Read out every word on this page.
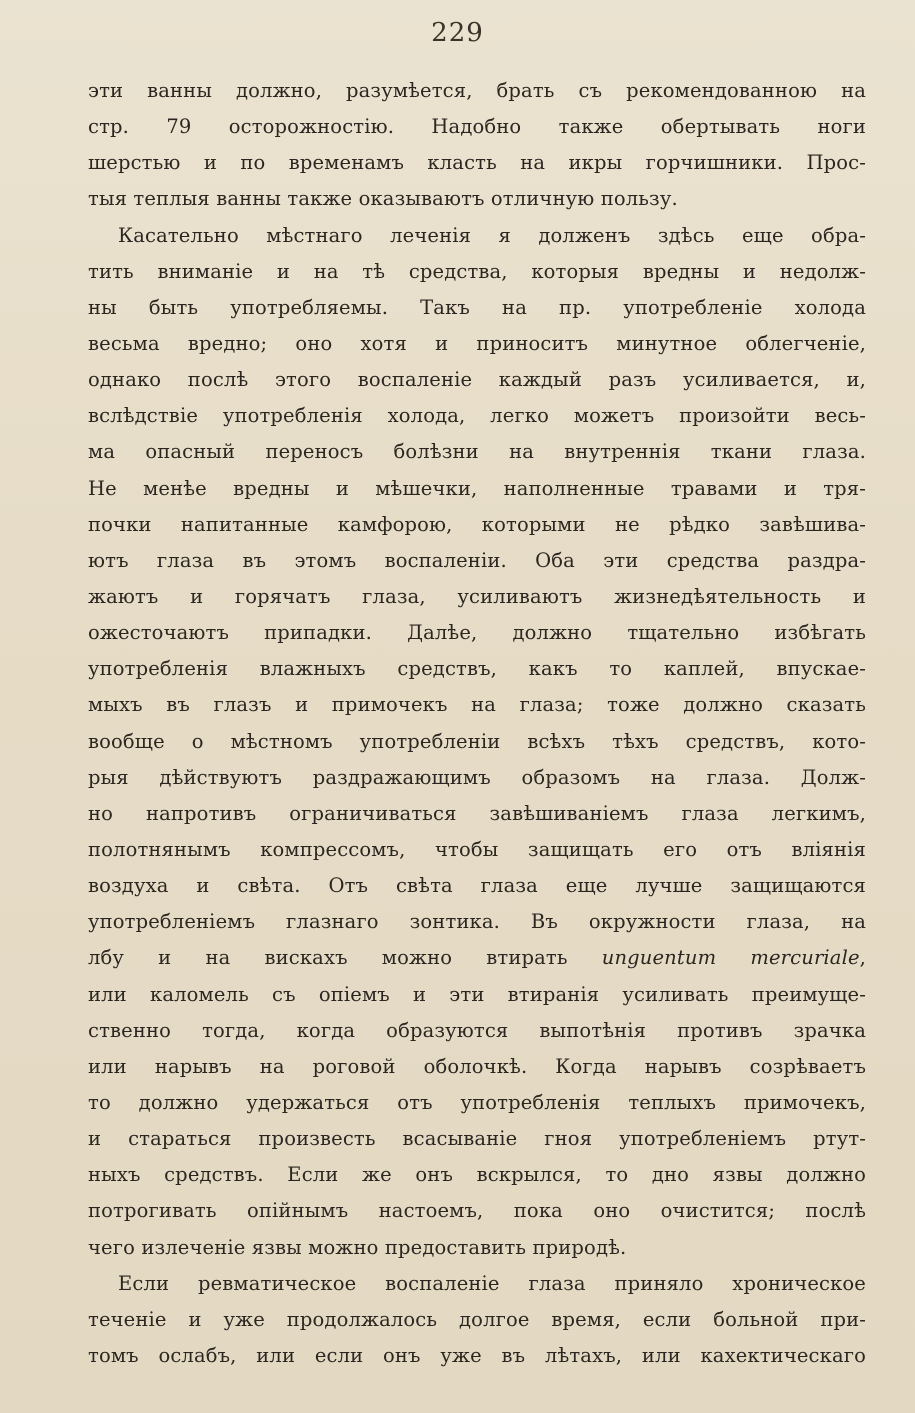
229
эти ванны должно, разумѣется, брать съ рекомендованною на
стр. 79 осторожностію. Надобно также обертывать ноги
шерстью и по временамъ класть на икры горчишники. Прос-
тыя теплыя ванны также оказываютъ отличную пользу.
Касательно мѣстнаго леченія я долженъ здѣсь еще обра-
тить вниманіе и на тѣ средства, которыя вредны и недолж-
ны быть употребляемы. Такъ на пр. употребленіе холода
весьма вредно; оно хотя и приноситъ минутное облегченіе,
однако послѣ этого воспаленіе каждый разъ усиливается, и,
вслѣдствіе употребленія холода, легко можетъ произойти весь-
ма опасный переносъ болѣзни на внутреннія ткани глаза.
Не менѣе вредны и мѣшечки, наполненные травами и тря-
почки напитанные камфорою, которыми не рѣдко завѣшива-
ютъ глаза въ этомъ воспаленіи. Оба эти средства раздра-
жаютъ и горячатъ глаза, усиливаютъ жизнедѣятельность и
ожесточаютъ припадки. Далѣе, должно тщательно избѣгать
употребленія влажныхъ средствъ, какъ то каплей, впускае-
мыхъ въ глазъ и примочекъ на глаза; тоже должно сказать
вообще о мѣстномъ употребленіи всѣхъ тѣхъ средствъ, кото-
рыя дѣйствуютъ раздражающимъ образомъ на глаза. Долж-
но напротивъ ограничиваться завѣшиваніемъ глаза легкимъ,
полотнянымъ компрессомъ, чтобы защищать его отъ вліянія
воздуха и свѣта. Отъ свѣта глаза еще лучше защищаются
употребленіемъ глазнаго зонтика. Въ окружности глаза, на
лбу и на вискахъ можно втирать unguentum mercuriale,
или каломель съ опіемъ и эти втиранія усиливать преимуще-
ственно тогда, когда образуются выпотѣнія противъ зрачка
или нарывъ на роговой оболочкѣ. Когда нарывъ созрѣваетъ
то должно удержаться отъ употребленія теплыхъ примочекъ,
и стараться произвесть всасываніе гноя употребленіемъ ртут-
ныхъ средствъ. Если же онъ вскрылся, то дно язвы должно
потрогивать опійнымъ настоемъ, пока оно очистится; послѣ
чего излеченіе язвы можно предоставить природѣ.
Если ревматическое воспаленіе глаза приняло хроническое
теченіе и уже продолжалось долгое время, если больной при-
томъ ослабъ, или если онъ уже въ лѣтахъ, или кахектическаго
